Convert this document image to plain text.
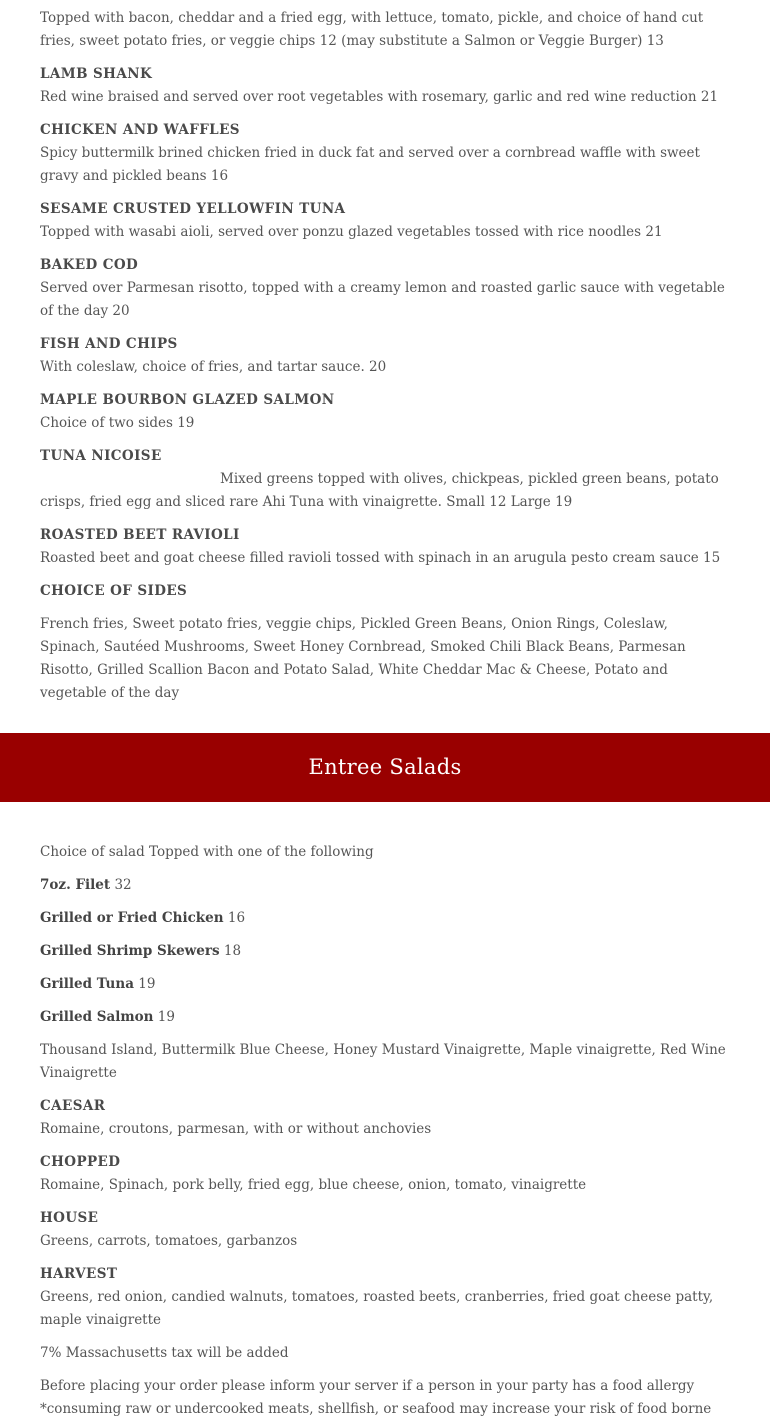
Topped with bacon, cheddar and a fried egg, with lettuce, tomato, pickle, and choice of hand cut fries, sweet potato fries, or veggie chips 12 (may substitute a Salmon or Veggie Burger) 13
LAMB SHANK
Red wine braised and served over root vegetables with rosemary, garlic and red wine reduction 21
CHICKEN AND WAFFLES
Spicy buttermilk brined chicken fried in duck fat and served over a cornbread waffle with sweet gravy and pickled beans 16
SESAME CRUSTED YELLOWFIN TUNA
Topped with wasabi aioli, served over ponzu glazed vegetables tossed with rice noodles 21
BAKED COD
Served over Parmesan risotto, topped with a creamy lemon and roasted garlic sauce with vegetable of the day 20
FISH AND CHIPS
With coleslaw, choice of fries, and tartar sauce. 20
MAPLE BOURBON GLAZED SALMON
Choice of two sides 19
TUNA NICOISE
Mixed greens topped with olives, chickpeas, pickled green beans, potato crisps, fried egg and sliced rare Ahi Tuna with vinaigrette. Small 12 Large 19
ROASTED BEET RAVIOLI
Roasted beet and goat cheese filled ravioli tossed with spinach in an arugula pesto cream sauce 15
CHOICE OF SIDES
French fries, Sweet potato fries, veggie chips, Pickled Green Beans, Onion Rings, Coleslaw, Spinach, Sautéed Mushrooms, Sweet Honey Cornbread, Smoked Chili Black Beans, Parmesan Risotto, Grilled Scallion Bacon and Potato Salad, White Cheddar Mac & Cheese, Potato and vegetable of the day
Entree Salads
Choice of salad Topped with one of the following
7oz. Filet 32
Grilled or Fried Chicken 16
Grilled Shrimp Skewers 18
Grilled Tuna 19
Grilled Salmon 19
Thousand Island, Buttermilk Blue Cheese, Honey Mustard Vinaigrette, Maple vinaigrette, Red Wine Vinaigrette
CAESAR
Romaine, croutons, parmesan, with or without anchovies
CHOPPED
Romaine, Spinach, pork belly, fried egg, blue cheese, onion, tomato, vinaigrette
HOUSE
Greens, carrots, tomatoes, garbanzos
HARVEST
Greens, red onion, candied walnuts, tomatoes, roasted beets, cranberries, fried goat cheese patty, maple vinaigrette
7% Massachusetts tax will be added
Before placing your order please inform your server if a person in your party has a food allergy
*consuming raw or undercooked meats, shellfish, or seafood may increase your risk of food borne
